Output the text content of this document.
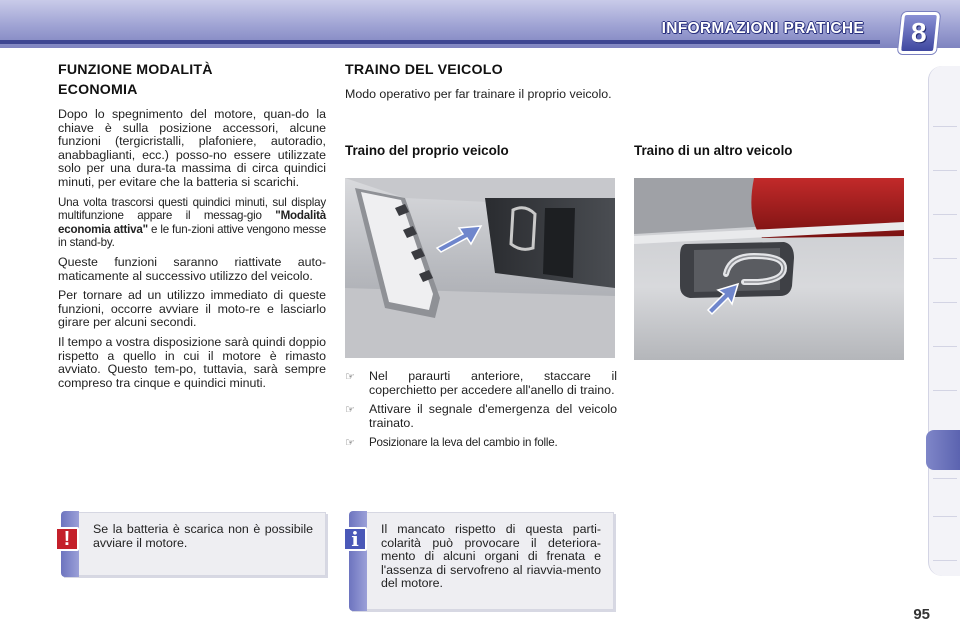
INFORMAZIONI PRATICHE 8
FUNZIONE MODALITÀ
ECONOMIA

Dopo lo spegnimento del motore, quan-do la chiave è sulla posizione accessori, alcune funzioni (tergicristalli, plafoniere, autoradio, anabbaglianti, ecc.) posso-no essere utilizzate solo per una dura-ta massima di circa quindici minuti, per evitare che la batteria si scarichi.

Una volta trascorsi questi quindici minuti, sul display multifunzione appare il messag-gio "Modalità economia attiva" e le fun-zioni attive vengono messe in stand-by.

Queste funzioni saranno riattivate auto-maticamente al successivo utilizzo del veicolo.

Per tornare ad un utilizzo immediato di queste funzioni, occorre avviare il moto-re e lasciarlo girare per alcuni secondi.

Il tempo a vostra disposizione sarà quindi doppio rispetto a quello in cui il motore è rimasto avviato. Questo tem-po, tuttavia, sarà sempre compreso tra cinque e quindici minuti.

TRAINO DEL VEICOLO

Modo operativo per far trainare il proprio veicolo.

Traino del proprio veicolo	Traino di un altro veicolo
☞	Nel paraurti anteriore, staccare il coperchietto per accedere all'anello di traino.
☞	Attivare il segnale d'emergenza del veicolo trainato.
☞	Posizionare la leva del cambio in folle.
!	Se la batteria è scarica non è possibile avviare il motore.	i	Il mancato rispetto di questa parti-colarità può provocare il deteriora-mento di alcuni organi di frenata e l'assenza di servofreno al riavvia-mento del motore.
95
